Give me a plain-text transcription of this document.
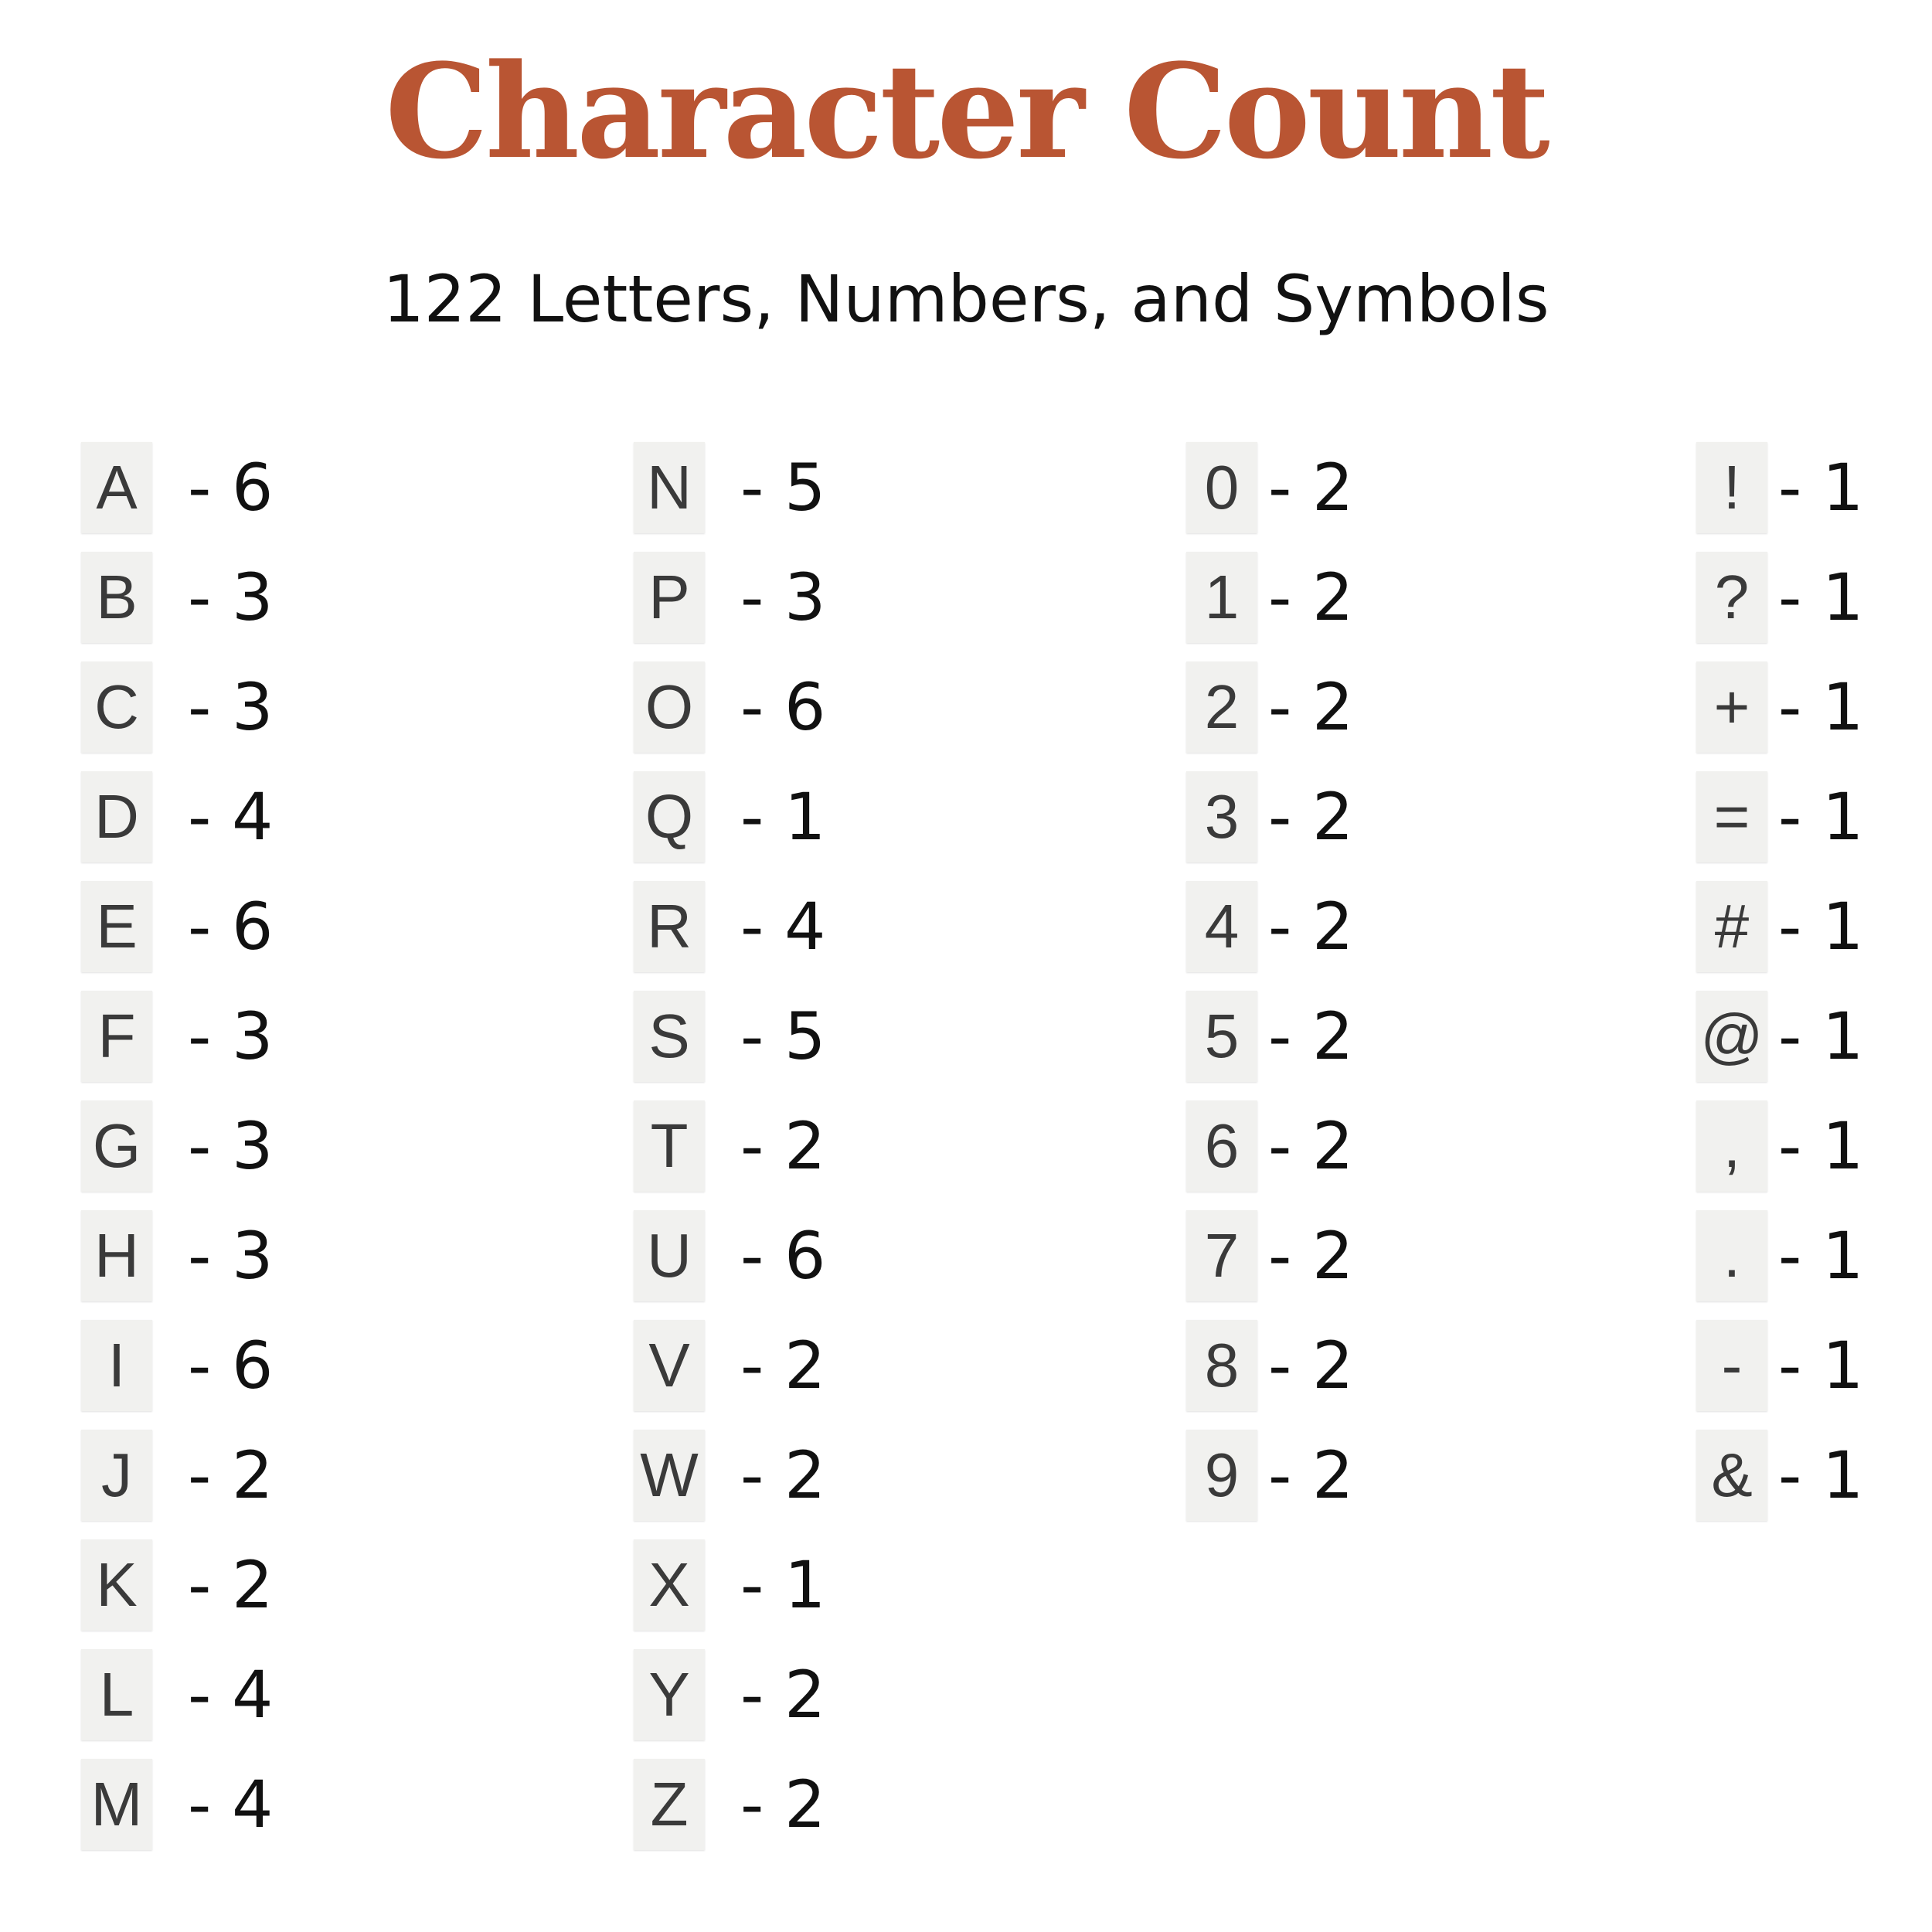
Character Count
122 Letters, Numbers, and Symbols
A - 6
B - 3
C - 3
D - 4
E - 6
F - 3
G - 3
H - 3
I - 6
J - 2
K - 2
L - 4
M - 4
N - 5
P - 3
O - 6
Q - 1
R - 4
S - 5
T - 2
U - 6
V - 2
W - 2
X - 1
Y - 2
Z - 2
0 - 2
1 - 2
2 - 2
3 - 2
4 - 2
5 - 2
6 - 2
7 - 2
8 - 2
9 - 2
! - 1
? - 1
+ - 1
= - 1
# - 1
@ - 1
, - 1
. - 1
- - 1
& - 1
